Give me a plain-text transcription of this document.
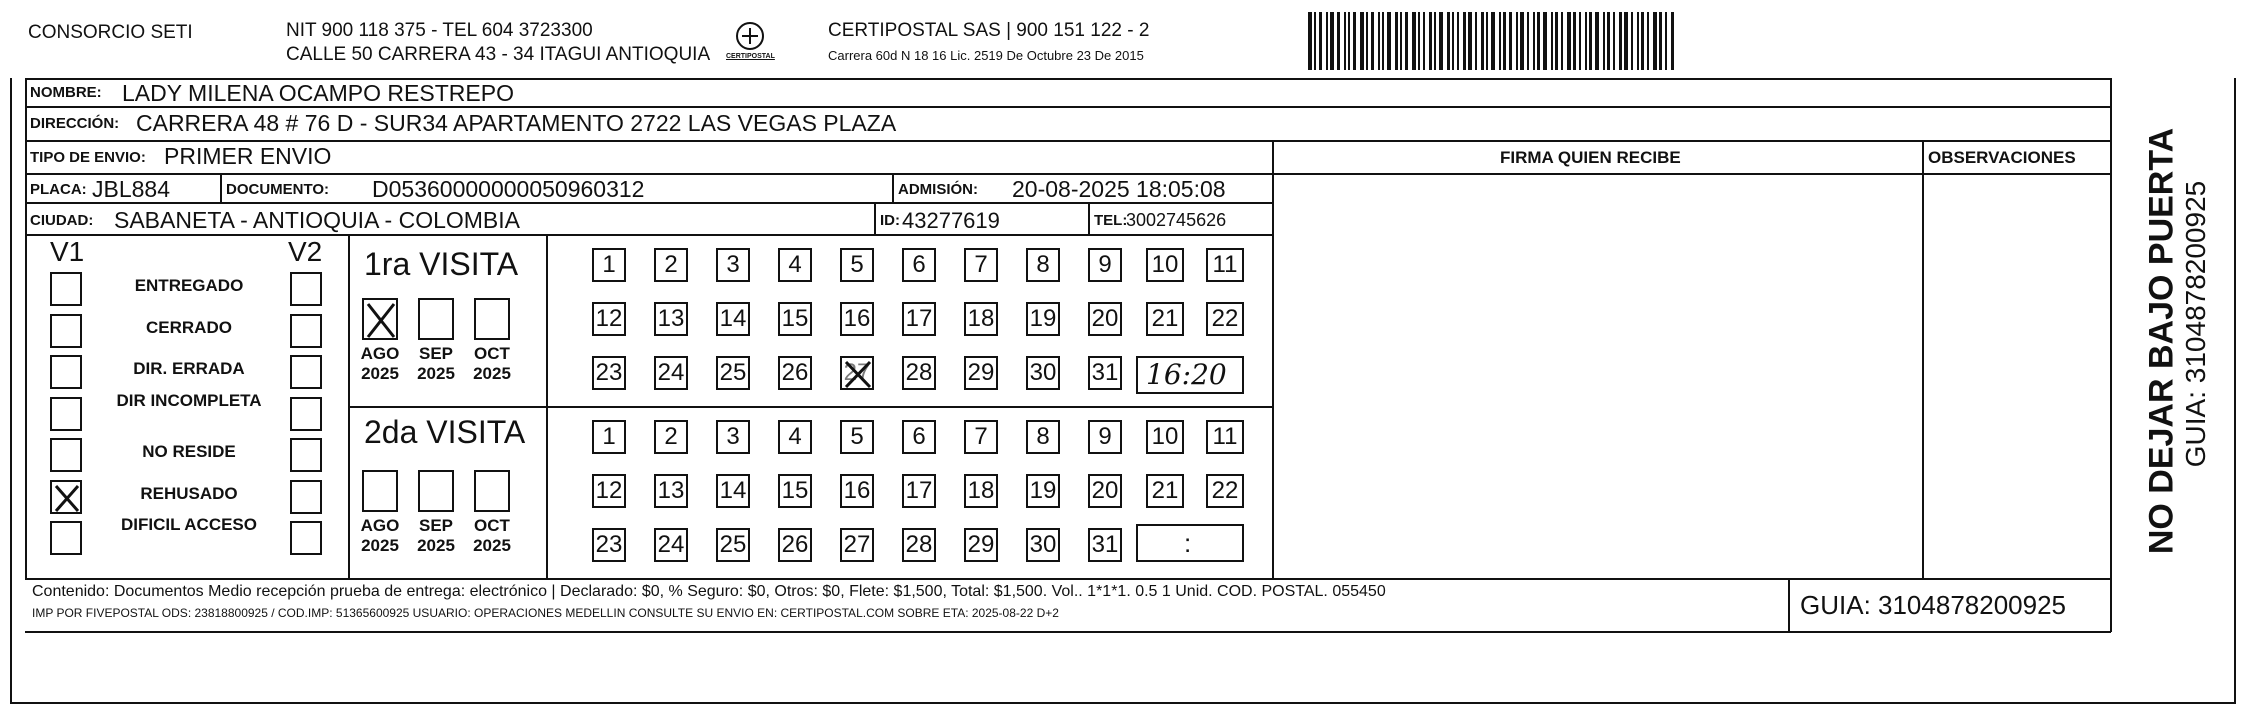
CONSORCIO SETI	NIT 900 118 375 - TEL 604 3723300
CALLE 50 CARRERA 43 - 34 ITAGUI ANTIOQUIA CERTIPOSTAL
CERTIPOSTAL SAS | 900 151 122 - 2
Carrera 60d N 18 16 Lic. 2519 De Octubre 23 De 2015
NOMBRE: LADY MILENA OCAMPO RESTREPO
DIRECCIÓN: CARRERA 48 # 76 D - SUR34 APARTAMENTO 2722 LAS VEGAS PLAZA
TIPO DE ENVIO: PRIMER ENVIO	FIRMA QUIEN RECIBE	OBSERVACIONES
PLACA: JBL884	DOCUMENTO: D05360000000050960312	ADMISIÓN: 20-08-2025 18:05:08
CIUDAD: SABANETA - ANTIOQUIA - COLOMBIA	ID: 43277619	TEL:
3002745626
V1	V2
ENTREGADO
CERRADO
DIR. ERRADA
DIR INCOMPLETA
NO RESIDE
REHUSADO
DIFICIL ACCESO
1ra VISITA
AGO
2025
SEP
2025
OCT
2025
1	2	3	4	5	6	7	8	9	10 11
12 13 14 15 16 17 18 19 20 21 22
23 24 25 26 27 28 29 30 31 16:20
2da VISITA
AGO
2025
SEP
2025
OCT
2025
1	2	3	4	5	6	7	8	9	10 11
12 13 14 15 16 17 18 19 20 21 22
23 24 25 26 27 28 29 30 31	:
Contenido: Documentos Medio recepción prueba de entrega: electrónico | Declarado: $0, % Seguro: $0, Otros: $0, Flete: $1,500, Total: $1,500. Vol.. 1*1*1. 0.5 1 Unid. COD. POSTAL. 055450
IMP POR FIVEPOSTAL ODS: 23818800925 / COD.IMP: 51365600925 USUARIO: OPERACIONES MEDELLIN CONSULTE SU ENVIO EN: CERTIPOSTAL.COM SOBRE ETA: 2025-08-22 D+2	GUIA: 3104878200925
NO DEJAR BAJO PUERTA GUIA: 3104878200925
